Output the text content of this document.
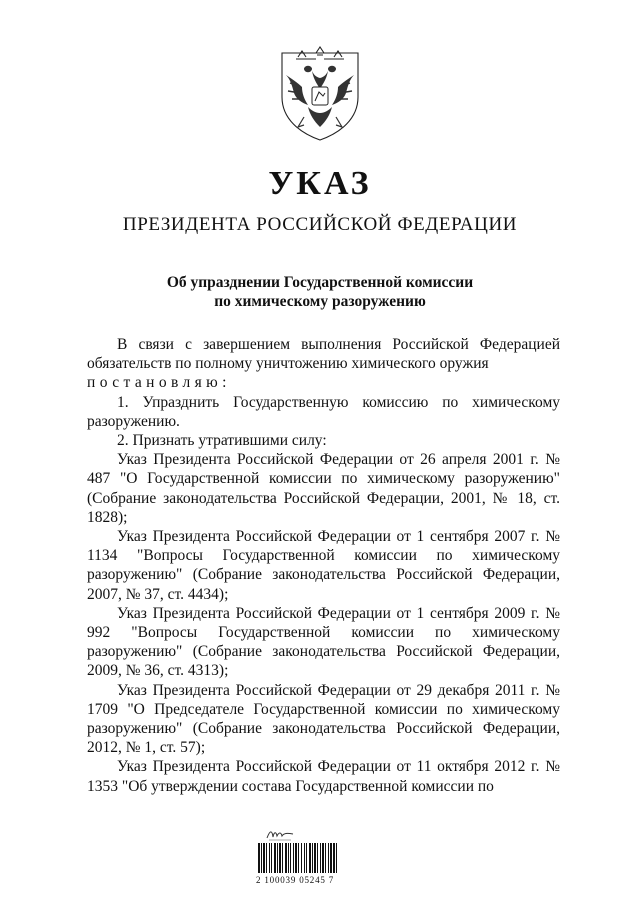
УКАЗ
ПРЕЗИДЕНТА РОССИЙСКОЙ ФЕДЕРАЦИИ
Об упразднении Государственной комиссии
по химическому разоружению

В связи с завершением выполнения Российской Федерацией обязательств по полному уничтожению химического оружия

постановляю:

1. Упразднить Государственную комиссию по химическому разоружению.

2. Признать утратившими силу:

Указ Президента Российской Федерации от 26 апреля 2001 г. № 487 "О Государственной комиссии по химическому разоружению" (Собрание законодательства Российской Федерации, 2001, № 18, ст. 1828);

Указ Президента Российской Федерации от 1 сентября 2007 г. № 1134 "Вопросы Государственной комиссии по химическому разоружению" (Собрание законодательства Российской Федерации, 2007, № 37, ст. 4434);

Указ Президента Российской Федерации от 1 сентября 2009 г. № 992 "Вопросы Государственной комиссии по химическому разоружению" (Собрание законодательства Российской Федерации, 2009, № 36, ст. 4313);

Указ Президента Российской Федерации от 29 декабря 2011 г. № 1709 "О Председателе Государственной комиссии по химическому разоружению" (Собрание законодательства Российской Федерации, 2012, № 1, ст. 57);

Указ Президента Российской Федерации от 11 октября 2012 г. № 1353 "Об утверждении состава Государственной комиссии по

2 100039 05245 7
